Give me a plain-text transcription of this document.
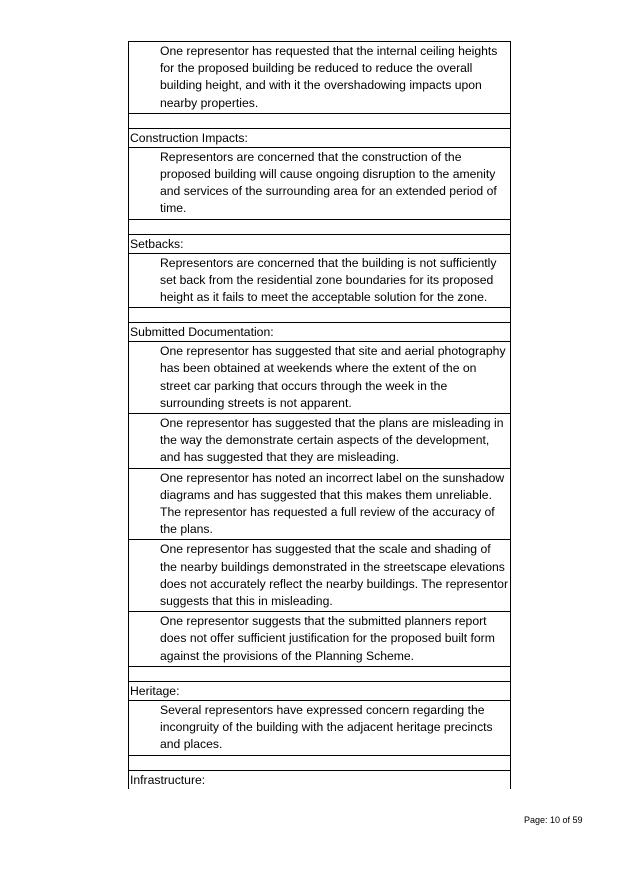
One representor has requested that the internal ceiling heights for the proposed building be reduced to reduce the overall building height, and with it the overshadowing impacts upon nearby properties.
Construction Impacts:
Representors are concerned that the construction of the proposed building will cause ongoing disruption to the amenity and services of the surrounding area for an extended period of time.
Setbacks:
Representors are concerned that the building is not sufficiently set back from the residential zone boundaries for its proposed height as it fails to meet the acceptable solution for the zone.
Submitted Documentation:
One representor has suggested that site and aerial photography has been obtained at weekends where the extent of the on street car parking that occurs through the week in the surrounding streets is not apparent.
One representor has suggested that the plans are misleading in the way the demonstrate certain aspects of the development, and has suggested that they are misleading.
One representor has noted an incorrect label on the sunshadow diagrams and has suggested that this makes them unreliable. The representor has requested a full review of the accuracy of the plans.
One representor has suggested that the scale and shading of the nearby buildings demonstrated in the streetscape elevations does not accurately reflect the nearby buildings. The representor suggests that this in misleading.
One representor suggests that the submitted planners report does not offer sufficient justification for the proposed built form against the provisions of the Planning Scheme.
Heritage:
Several representors have expressed concern regarding the incongruity of the building with the adjacent heritage precincts and places.
Infrastructure:
Page: 10 of 59
